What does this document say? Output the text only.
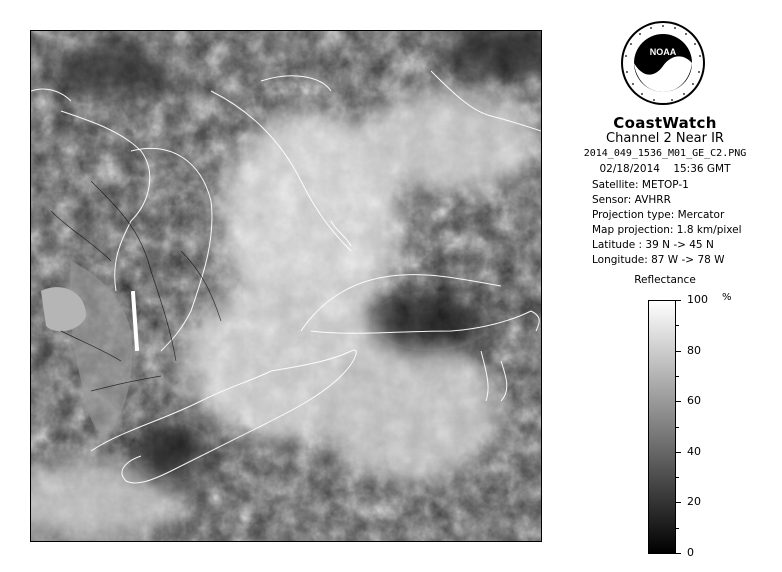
NOAA
CoastWatch
Channel 2 Near IR
2014_049_1536_M01_GE_C2.PNG
02/18/2014    15:36 GMT
Satellite: METOP-1
Sensor: AVHRR
Projection type: Mercator
Map projection: 1.8 km/pixel
Latitude : 39 N -> 45 N
Longitude: 87 W -> 78 W
Reflectance
%
100
80
60
40
20
0
